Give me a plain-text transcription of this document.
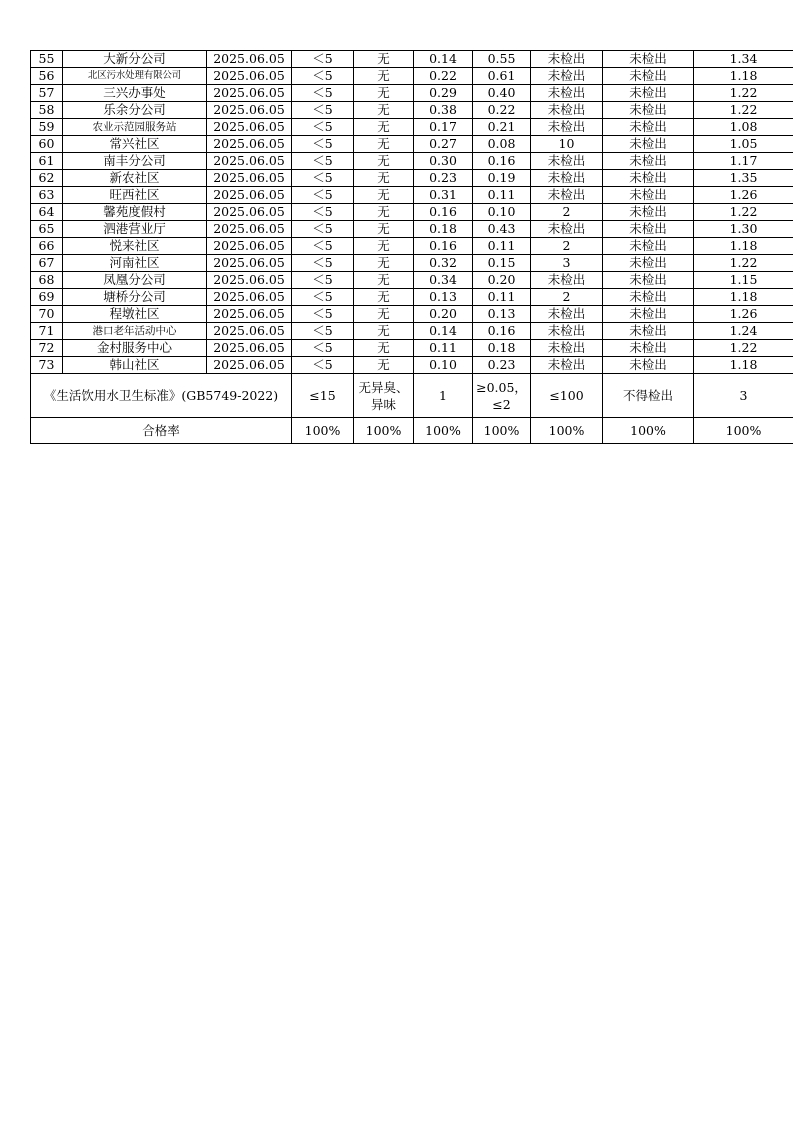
55	大新分公司	2025.06.05	＜5	无	0.14	0.55	未检出	未检出	1.34
56	北区污水处理有限公司	2025.06.05	＜5	无	0.22	0.61	未检出	未检出	1.18
57	三兴办事处	2025.06.05	＜5	无	0.29	0.40	未检出	未检出	1.22
58	乐余分公司	2025.06.05	＜5	无	0.38	0.22	未检出	未检出	1.22
59	农业示范园服务站	2025.06.05	＜5	无	0.17	0.21	未检出	未检出	1.08
60	常兴社区	2025.06.05	＜5	无	0.27	0.08	10	未检出	1.05
61	南丰分公司	2025.06.05	＜5	无	0.30	0.16	未检出	未检出	1.17
62	新农社区	2025.06.05	＜5	无	0.23	0.19	未检出	未检出	1.35
63	旺西社区	2025.06.05	＜5	无	0.31	0.11	未检出	未检出	1.26
64	馨苑度假村	2025.06.05	＜5	无	0.16	0.10	2	未检出	1.22
65	泗港营业厅	2025.06.05	＜5	无	0.18	0.43	未检出	未检出	1.30
66	悦来社区	2025.06.05	＜5	无	0.16	0.11	2	未检出	1.18
67	河南社区	2025.06.05	＜5	无	0.32	0.15	3	未检出	1.22
68	凤凰分公司	2025.06.05	＜5	无	0.34	0.20	未检出	未检出	1.15
69	塘桥分公司	2025.06.05	＜5	无	0.13	0.11	2	未检出	1.18
70	程墩社区	2025.06.05	＜5	无	0.20	0.13	未检出	未检出	1.26
71	港口老年活动中心	2025.06.05	＜5	无	0.14	0.16	未检出	未检出	1.24
72	金村服务中心	2025.06.05	＜5	无	0.11	0.18	未检出	未检出	1.22
73	韩山社区	2025.06.05	＜5	无	0.10	0.23	未检出	未检出	1.18
《生活饮用水卫生标准》(GB5749-2022)			≤15	无异臭、异味	1	≥0.05，≤2	≤100	不得检出	3
合格率			100%	100%	100%	100%	100%	100%	100%
